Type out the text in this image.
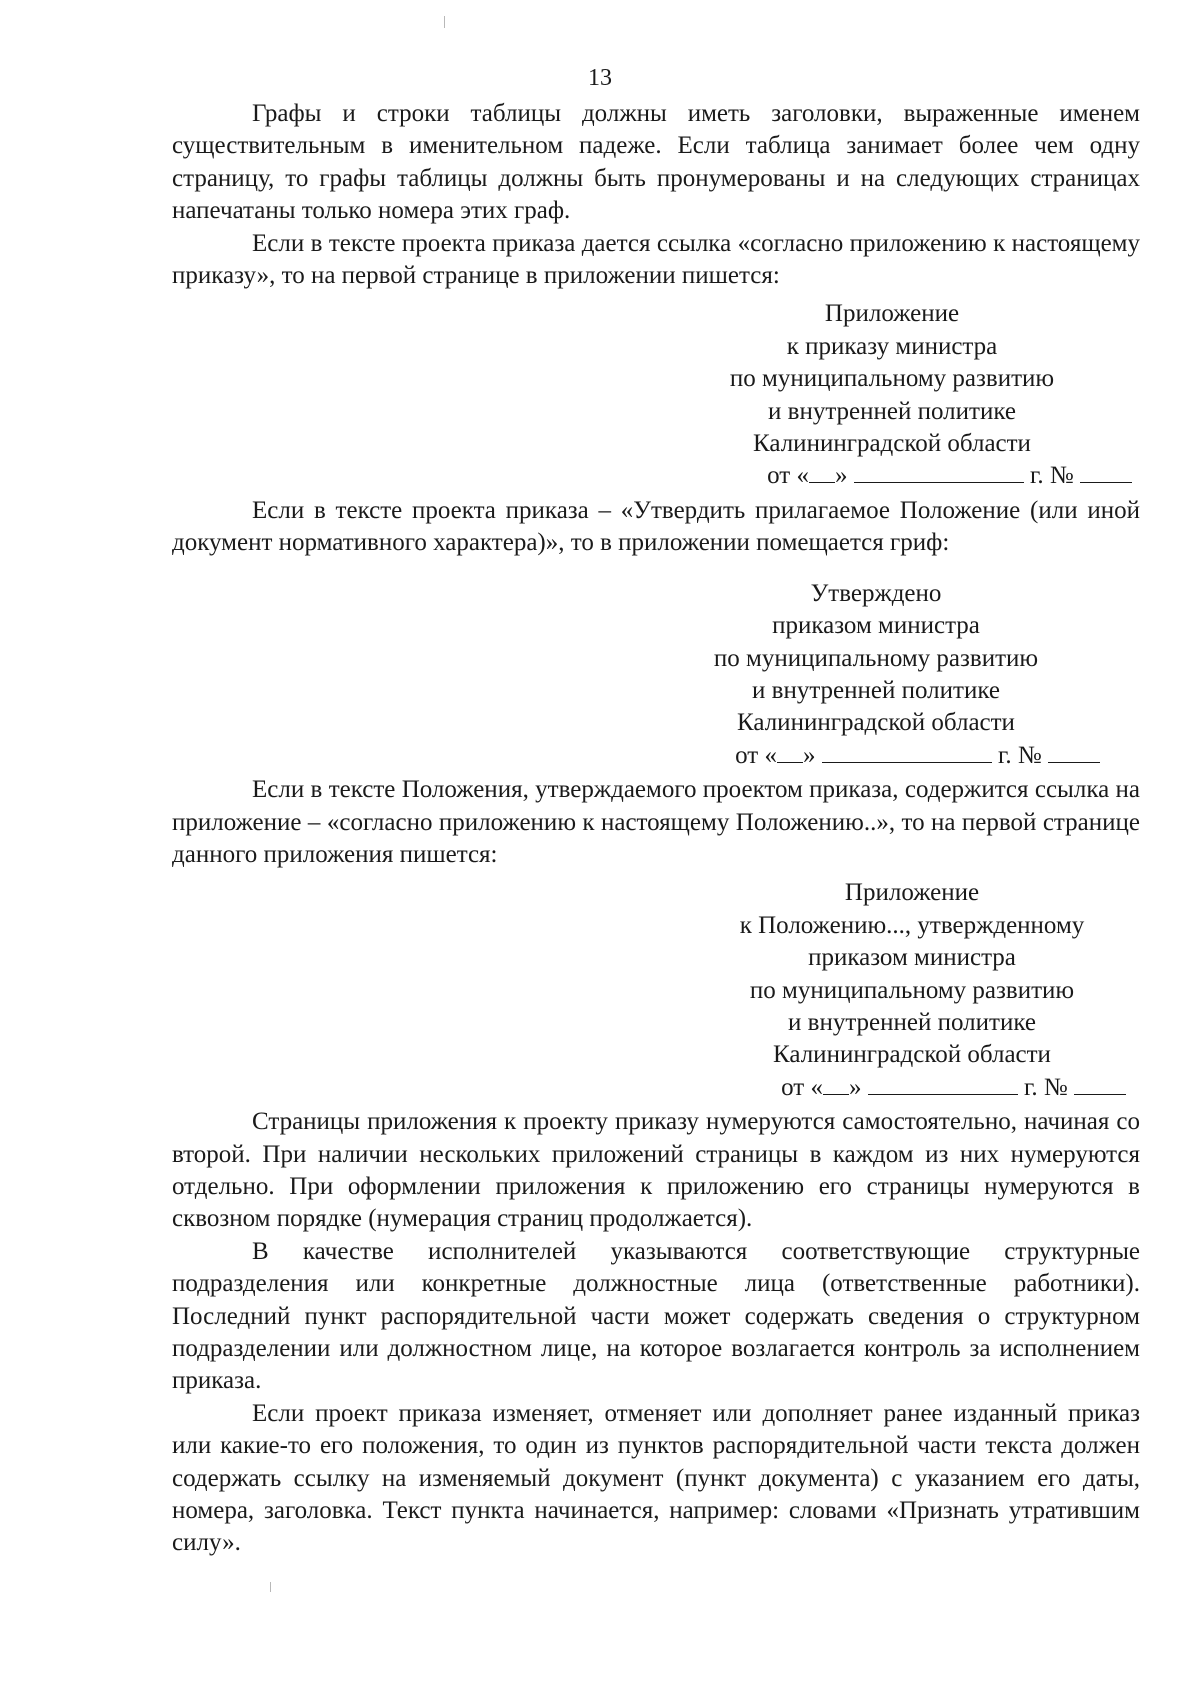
13

Графы и строки таблицы должны иметь заголовки, выраженные именем существительным в именительном падеже. Если таблица занимает более чем одну страницу, то графы таблицы должны быть пронумерованы и на следующих страницах напечатаны только номера этих граф.

Если в тексте проекта приказа дается ссылка «согласно приложению к настоящему приказу», то на первой странице в приложении пишется:

Приложение
к приказу министра
по муниципальному развитию
и внутренней политике
Калининградской области
от « »	г. №

Если в тексте проекта приказа – «Утвердить прилагаемое Положение (или иной документ нормативного характера)», то в приложении помещается гриф:

Утверждено
приказом министра
по муниципальному развитию
и внутренней политике
Калининградской области
от « »	г. №

Если в тексте Положения, утверждаемого проектом приказа, содержится ссылка на приложение – «согласно приложению к настоящему Положению..», то на первой странице данного приложения пишется:

Приложение
к Положению..., утвержденному
приказом министра
по муниципальному развитию
и внутренней политике
Калининградской области
от « »	г. №

Страницы приложения к проекту приказу нумеруются самостоятельно, начиная со второй. При наличии нескольких приложений страницы в каждом из них нумеруются отдельно. При оформлении приложения к приложению его страницы нумеруются в сквозном порядке (нумерация страниц продолжается).

В качестве исполнителей указываются соответствующие структурные подразделения или конкретные должностные лица (ответственные работники). Последний пункт распорядительной части может содержать сведения о структурном подразделении или должностном лице, на которое возлагается контроль за исполнением приказа.

Если проект приказа изменяет, отменяет или дополняет ранее изданный приказ или какие-то его положения, то один из пунктов распорядительной части текста должен содержать ссылку на изменяемый документ (пункт документа) с указанием его даты, номера, заголовка. Текст пункта начинается, например: словами «Признать утратившим силу».
